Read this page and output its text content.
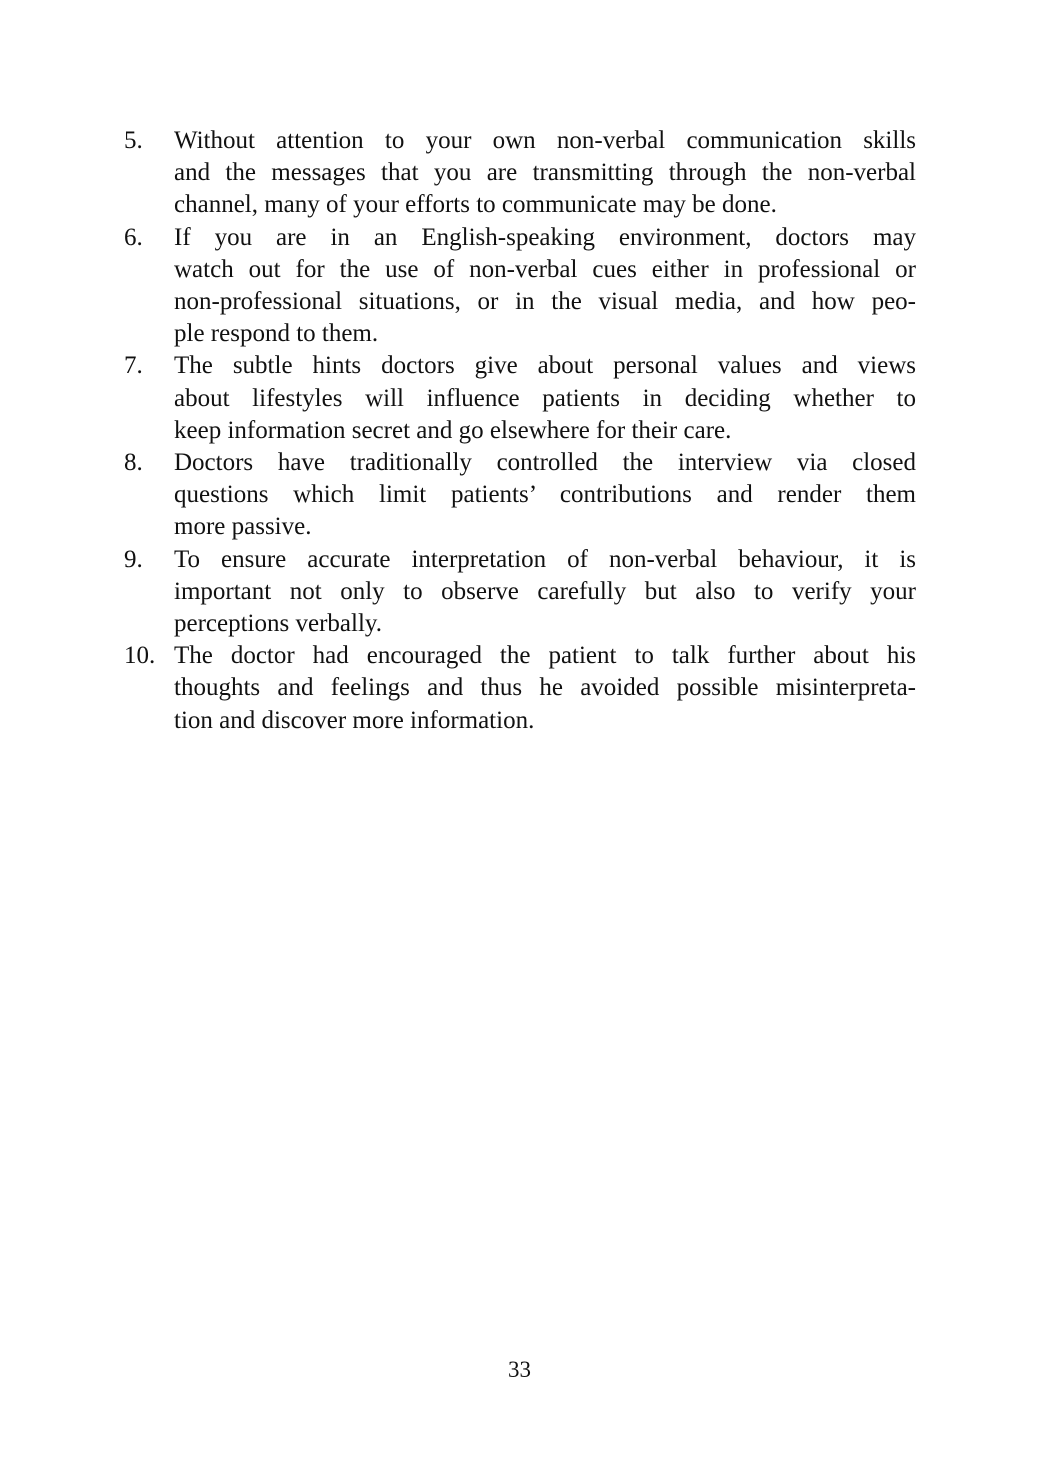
5.	Without attention to your own non-verbal communication skills
and the messages that you are transmitting through the non-verbal
channel, many of your efforts to communicate may be done.
6.	If you are in an English-speaking environment, doctors may
watch out for the use of non-verbal cues either in professional or
non-professional situations, or in the visual media, and how peo-
ple respond to them.
7.	The subtle hints doctors give about personal values and views
about lifestyles will influence patients in deciding whether to
keep information secret and go elsewhere for their care.
8.	Doctors have traditionally controlled the interview via closed
questions which limit patients’ contributions and render them
more passive.
9.	To ensure accurate interpretation of non-verbal behaviour, it is
important not only to observe carefully but also to verify your
perceptions verbally.
10. The doctor had encouraged the patient to talk further about his
thoughts and feelings and thus he avoided possible misinterpreta-
tion and discover more information.
33
